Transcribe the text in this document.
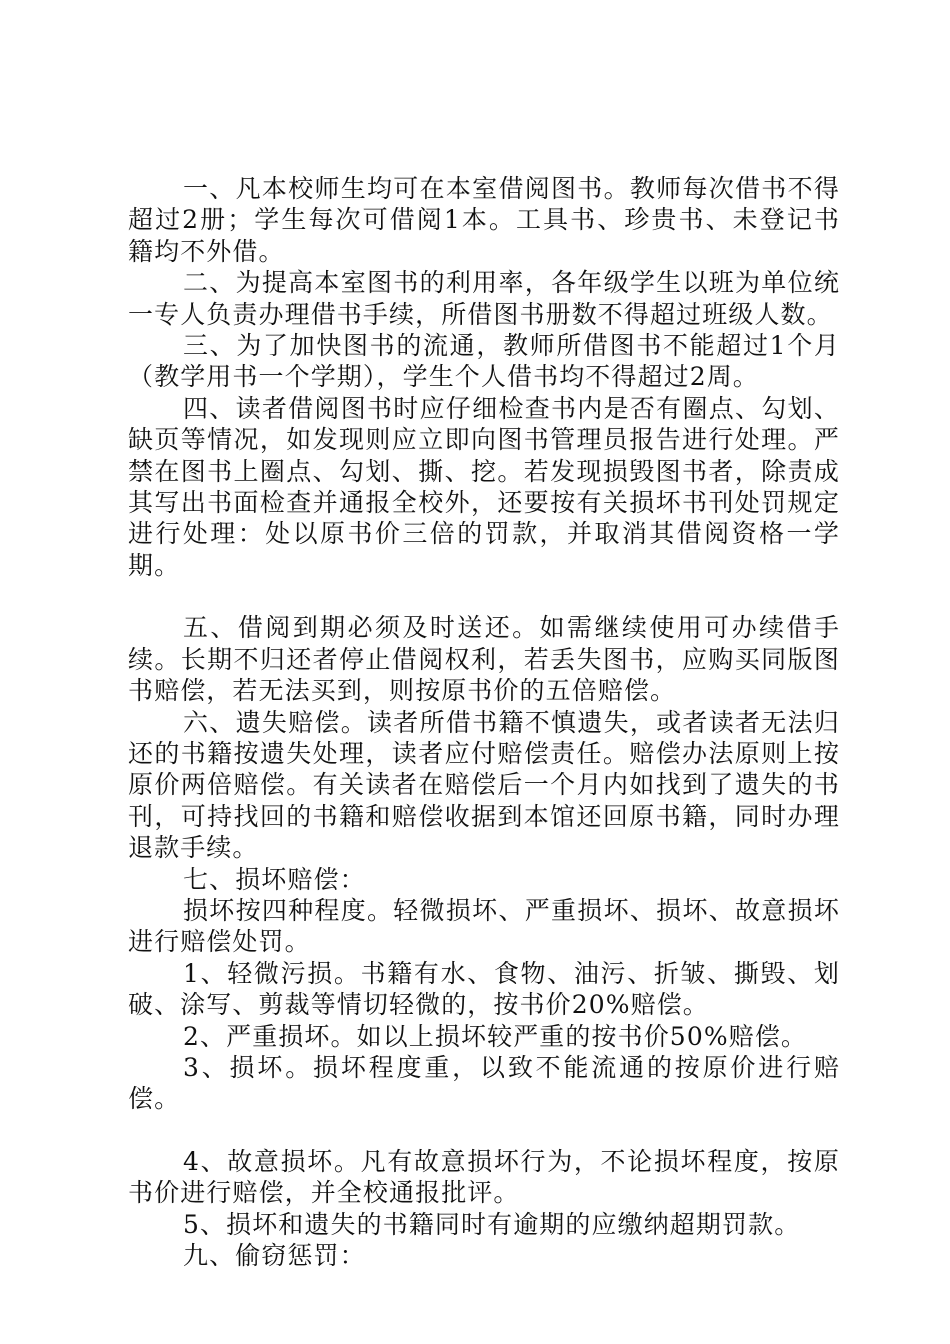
一、凡本校师生均可在本室借阅图书。教师每次借书不得超过2册；学生每次可借阅1本。工具书、珍贵书、未登记书籍均不外借。

二、为提高本室图书的利用率，各年级学生以班为单位统一专人负责办理借书手续，所借图书册数不得超过班级人数。

三、为了加快图书的流通，教师所借图书不能超过1个月（教学用书一个学期），学生个人借书均不得超过2周。

四、读者借阅图书时应仔细检查书内是否有圈点、勾划、缺页等情况，如发现则应立即向图书管理员报告进行处理。严禁在图书上圈点、勾划、撕、挖。若发现损毁图书者，除责成其写出书面检查并通报全校外，还要按有关损坏书刊处罚规定进行处理：处以原书价三倍的罚款，并取消其借阅资格一学期。

五、借阅到期必须及时送还。如需继续使用可办续借手续。长期不归还者停止借阅权利，若丢失图书，应购买同版图书赔偿，若无法买到，则按原书价的五倍赔偿。

六、遗失赔偿。读者所借书籍不慎遗失，或者读者无法归还的书籍按遗失处理，读者应付赔偿责任。赔偿办法原则上按原价两倍赔偿。有关读者在赔偿后一个月内如找到了遗失的书刊，可持找回的书籍和赔偿收据到本馆还回原书籍，同时办理退款手续。

七、损坏赔偿：

损坏按四种程度。轻微损坏、严重损坏、损坏、故意损坏进行赔偿处罚。

1、轻微污损。书籍有水、食物、油污、折皱、撕毁、划破、涂写、剪裁等情切轻微的，按书价20%赔偿。

2、严重损坏。如以上损坏较严重的按书价50%赔偿。

3、损坏。损坏程度重，以致不能流通的按原价进行赔偿。

4、故意损坏。凡有故意损坏行为，不论损坏程度，按原书价进行赔偿，并全校通报批评。

5、损坏和遗失的书籍同时有逾期的应缴纳超期罚款。

九、偷窃惩罚：
